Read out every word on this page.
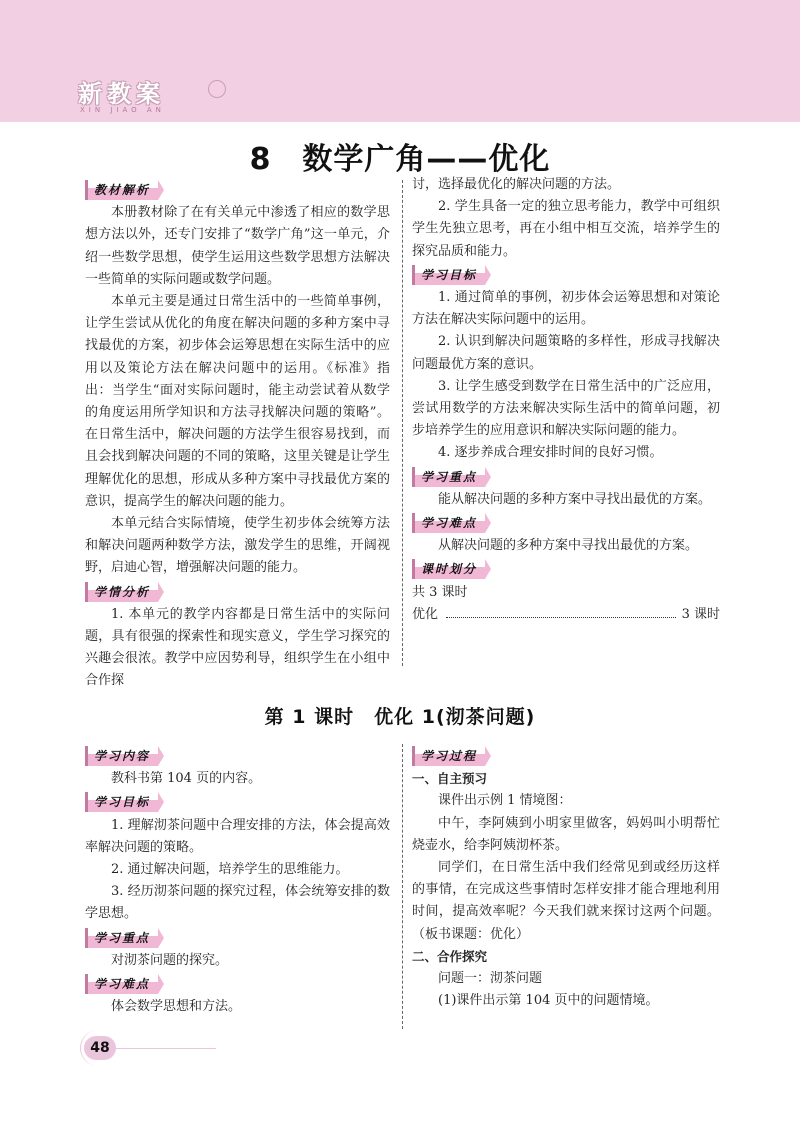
新教案
XIN JIAO AN
8　数学广角——优化
教材解析

本册教材除了在有关单元中渗透了相应的数学思想方法以外，还专门安排了“数学广角”这一单元，介绍一些数学思想，使学生运用这些数学思想方法解决一些简单的实际问题或数学问题。

本单元主要是通过日常生活中的一些简单事例，让学生尝试从优化的角度在解决问题的多种方案中寻找最优的方案，初步体会运筹思想在实际生活中的应用以及策论方法在解决问题中的运用。《标准》指出：当学生“面对实际问题时，能主动尝试着从数学的角度运用所学知识和方法寻找解决问题的策略”。在日常生活中，解决问题的方法学生很容易找到，而且会找到解决问题的不同的策略，这里关键是让学生理解优化的思想，形成从多种方案中寻找最优方案的意识，提高学生的解决问题的能力。

本单元结合实际情境，使学生初步体会统筹方法和解决问题两种数学方法，激发学生的思维，开阔视野，启迪心智，增强解决问题的能力。

学情分析

1. 本单元的教学内容都是日常生活中的实际问题，具有很强的探索性和现实意义，学生学习探究的兴趣会很浓。教学中应因势利导，组织学生在小组中合作探

讨，选择最优化的解决问题的方法。

2. 学生具备一定的独立思考能力，教学中可组织学生先独立思考，再在小组中相互交流，培养学生的探究品质和能力。

学习目标

1. 通过简单的事例，初步体会运筹思想和对策论方法在解决实际问题中的运用。

2. 认识到解决问题策略的多样性，形成寻找解决问题最优方案的意识。

3. 让学生感受到数学在日常生活中的广泛应用，尝试用数学的方法来解决实际生活中的简单问题，初步培养学生的应用意识和解决实际问题的能力。

4. 逐步养成合理安排时间的良好习惯。

学习重点

能从解决问题的多种方案中寻找出最优的方案。

学习难点

从解决问题的多种方案中寻找出最优的方案。

课时划分

共 3 课时

优化	3 课时
第 1 课时　优化 1(沏茶问题)
学习内容

教科书第 104 页的内容。

学习目标

1. 理解沏茶问题中合理安排的方法，体会提高效率解决问题的策略。

2. 通过解决问题，培养学生的思维能力。

3. 经历沏茶问题的探究过程，体会统筹安排的数学思想。

学习重点

对沏茶问题的探究。

学习难点

体会数学思想和方法。

学习过程

一、自主预习

课件出示例 1 情境图：

中午，李阿姨到小明家里做客，妈妈叫小明帮忙烧壶水，给李阿姨沏杯茶。

同学们，在日常生活中我们经常见到或经历这样的事情，在完成这些事情时怎样安排才能合理地利用时间，提高效率呢？今天我们就来探讨这两个问题。（板书课题：优化）

二、合作探究

问题一：沏茶问题

(1)课件出示第 104 页中的问题情境。

48
